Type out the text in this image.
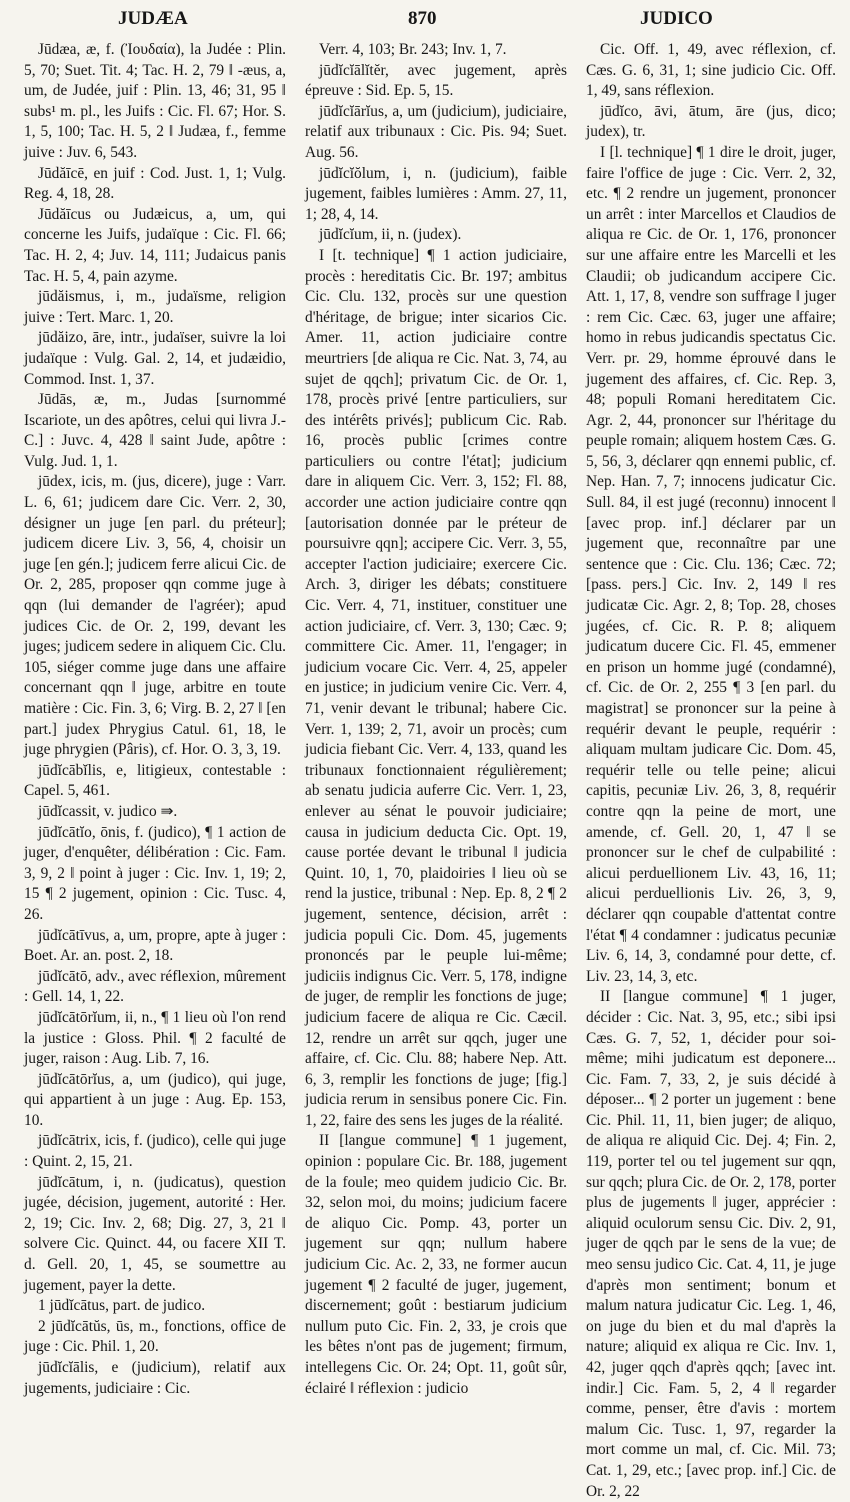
JUDÆA	870	JUDICO

Jūdæa, æ, f. (Ἰουδαία), la Judée : Plin. 5, 70; Suet. Tit. 4; Tac. H. 2, 79 ‖ -æus, a, um, de Judée, juif : Plin. 13, 46; 31, 95 ‖ subs¹ m. pl., les Juifs : Cic. Fl. 67; Hor. S. 1, 5, 100; Tac. H. 5, 2 ‖ Judæa, f., femme juive : Juv. 6, 543.

Jūdăīcē, en juif : Cod. Just. 1, 1; Vulg. Reg. 4, 18, 28.

Jūdăīcus ou Judæicus, a, um, qui concerne les Juifs, judaïque : Cic. Fl. 66; Tac. H. 2, 4; Juv. 14, 111; Judaicus panis Tac. H. 5, 4, pain azyme.

jūdăismus, i, m., judaïsme, religion juive : Tert. Marc. 1, 20.

jūdăizo, āre, intr., judaïser, suivre la loi judaïque : Vulg. Gal. 2, 14, et judæidio, Commod. Inst. 1, 37.

Jūdās, æ, m., Judas [surnommé Iscariote, un des apôtres, celui qui livra J.-C.] : Juvc. 4, 428 ‖ saint Jude, apôtre : Vulg. Jud. 1, 1.

jūdex, icis, m. (jus, dicere), juge : Varr. L. 6, 61; judicem dare Cic. Verr. 2, 30, désigner un juge [en parl. du préteur]; judicem dicere Liv. 3, 56, 4, choisir un juge [en gén.]; judicem ferre alicui Cic. de Or. 2, 285, proposer qqn comme juge à qqn (lui demander de l'agréer); apud judices Cic. de Or. 2, 199, devant les juges; judicem sedere in aliquem Cic. Clu. 105, siéger comme juge dans une affaire concernant qqn ‖ juge, arbitre en toute matière : Cic. Fin. 3, 6; Virg. B. 2, 27 ‖ [en part.] judex Phrygius Catul. 61, 18, le juge phrygien (Pâris), cf. Hor. O. 3, 3, 19.

jūdĭcābĭlis, e, litigieux, contestable : Capel. 5, 461.

jūdĭcassit, v. judico ⇛.

jūdĭcātĭo, ōnis, f. (judico), ¶ 1 action de juger, d'enquêter, délibération : Cic. Fam. 3, 9, 2 ‖ point à juger : Cic. Inv. 1, 19; 2, 15 ¶ 2 jugement, opinion : Cic. Tusc. 4, 26.

jūdĭcātīvus, a, um, propre, apte à juger : Boet. Ar. an. post. 2, 18.

jūdĭcātō, adv., avec réflexion, mûrement : Gell. 14, 1, 22.

jūdĭcātōrĭum, ii, n., ¶ 1 lieu où l'on rend la justice : Gloss. Phil. ¶ 2 faculté de juger, raison : Aug. Lib. 7, 16.

jūdĭcātōrĭus, a, um (judico), qui juge, qui appartient à un juge : Aug. Ep. 153, 10.

jūdĭcātrix, icis, f. (judico), celle qui juge : Quint. 2, 15, 21.

jūdĭcātum, i, n. (judicatus), question jugée, décision, jugement, autorité : Her. 2, 19; Cic. Inv. 2, 68; Dig. 27, 3, 21 ‖ solvere Cic. Quinct. 44, ou facere XII T. d. Gell. 20, 1, 45, se soumettre au jugement, payer la dette.

1 jūdĭcātus, part. de judico.

2 jūdĭcātŭs, ūs, m., fonctions, office de juge : Cic. Phil. 1, 20.

jūdĭcĭālis, e (judicium), relatif aux jugements, judiciaire : Cic.

Verr. 4, 103; Br. 243; Inv. 1, 7.

jūdĭcĭālĭtĕr, avec jugement, après épreuve : Sid. Ep. 5, 15.

jūdĭcĭārĭus, a, um (judicium), judiciaire, relatif aux tribunaux : Cic. Pis. 94; Suet. Aug. 56.

jūdĭcĭŏlum, i, n. (judicium), faible jugement, faibles lumières : Amm. 27, 11, 1; 28, 4, 14.

jūdĭcĭum, ii, n. (judex).

I [t. technique] ¶ 1 action judiciaire, procès : hereditatis Cic. Br. 197; ambitus Cic. Clu. 132, procès sur une question d'héritage, de brigue; inter sicarios Cic. Amer. 11, action judiciaire contre meurtriers [de aliqua re Cic. Nat. 3, 74, au sujet de qqch]; privatum Cic. de Or. 1, 178, procès privé [entre particuliers, sur des intérêts privés]; publicum Cic. Rab. 16, procès public [crimes contre particuliers ou contre l'état]; judicium dare in aliquem Cic. Verr. 3, 152; Fl. 88, accorder une action judiciaire contre qqn [autorisation donnée par le préteur de poursuivre qqn]; accipere Cic. Verr. 3, 55, accepter l'action judiciaire; exercere Cic. Arch. 3, diriger les débats; constituere Cic. Verr. 4, 71, instituer, constituer une action judiciaire, cf. Verr. 3, 130; Cæc. 9; committere Cic. Amer. 11, l'engager; in judicium vocare Cic. Verr. 4, 25, appeler en justice; in judicium venire Cic. Verr. 4, 71, venir devant le tribunal; habere Cic. Verr. 1, 139; 2, 71, avoir un procès; cum judicia fiebant Cic. Verr. 4, 133, quand les tribunaux fonctionnaient régulièrement; ab senatu judicia auferre Cic. Verr. 1, 23, enlever au sénat le pouvoir judiciaire; causa in judicium deducta Cic. Opt. 19, cause portée devant le tribunal ‖ judicia Quint. 10, 1, 70, plaidoiries ‖ lieu où se rend la justice, tribunal : Nep. Ep. 8, 2 ¶ 2 jugement, sentence, décision, arrêt : judicia populi Cic. Dom. 45, jugements prononcés par le peuple lui-même; judiciis indignus Cic. Verr. 5, 178, indigne de juger, de remplir les fonctions de juge; judicium facere de aliqua re Cic. Cæcil. 12, rendre un arrêt sur qqch, juger une affaire, cf. Cic. Clu. 88; habere Nep. Att. 6, 3, remplir les fonctions de juge; [fig.] judicia rerum in sensibus ponere Cic. Fin. 1, 22, faire des sens les juges de la réalité.

II [langue commune] ¶ 1 jugement, opinion : populare Cic. Br. 188, jugement de la foule; meo quidem judicio Cic. Br. 32, selon moi, du moins; judicium facere de aliquo Cic. Pomp. 43, porter un jugement sur qqn; nullum habere judicium Cic. Ac. 2, 33, ne former aucun jugement ¶ 2 faculté de juger, jugement, discernement; goût : bestiarum judicium nullum puto Cic. Fin. 2, 33, je crois que les bêtes n'ont pas de jugement; firmum, intellegens Cic. Or. 24; Opt. 11, goût sûr, éclairé ‖ réflexion : judicio

Cic. Off. 1, 49, avec réflexion, cf. Cæs. G. 6, 31, 1; sine judicio Cic. Off. 1, 49, sans réflexion.

jūdĭco, āvi, ātum, āre (jus, dico; judex), tr.

I [l. technique] ¶ 1 dire le droit, juger, faire l'office de juge : Cic. Verr. 2, 32, etc. ¶ 2 rendre un jugement, prononcer un arrêt : inter Marcellos et Claudios de aliqua re Cic. de Or. 1, 176, prononcer sur une affaire entre les Marcelli et les Claudii; ob judicandum accipere Cic. Att. 1, 17, 8, vendre son suffrage ‖ juger : rem Cic. Cæc. 63, juger une affaire; homo in rebus judicandis spectatus Cic. Verr. pr. 29, homme éprouvé dans le jugement des affaires, cf. Cic. Rep. 3, 48; populi Romani hereditatem Cic. Agr. 2, 44, prononcer sur l'héritage du peuple romain; aliquem hostem Cæs. G. 5, 56, 3, déclarer qqn ennemi public, cf. Nep. Han. 7, 7; innocens judicatur Cic. Sull. 84, il est jugé (reconnu) innocent ‖ [avec prop. inf.] déclarer par un jugement que, reconnaître par une sentence que : Cic. Clu. 136; Cæc. 72; [pass. pers.] Cic. Inv. 2, 149 ‖ res judicatæ Cic. Agr. 2, 8; Top. 28, choses jugées, cf. Cic. R. P. 8; aliquem judicatum ducere Cic. Fl. 45, emmener en prison un homme jugé (condamné), cf. Cic. de Or. 2, 255 ¶ 3 [en parl. du magistrat] se prononcer sur la peine à requérir devant le peuple, requérir : aliquam multam judicare Cic. Dom. 45, requérir telle ou telle peine; alicui capitis, pecuniæ Liv. 26, 3, 8, requérir contre qqn la peine de mort, une amende, cf. Gell. 20, 1, 47 ‖ se prononcer sur le chef de culpabilité : alicui perduellionem Liv. 43, 16, 11; alicui perduellionis Liv. 26, 3, 9, déclarer qqn coupable d'attentat contre l'état ¶ 4 condamner : judicatus pecuniæ Liv. 6, 14, 3, condamné pour dette, cf. Liv. 23, 14, 3, etc.

II [langue commune] ¶ 1 juger, décider : Cic. Nat. 3, 95, etc.; sibi ipsi Cæs. G. 7, 52, 1, décider pour soi-même; mihi judicatum est deponere... Cic. Fam. 7, 33, 2, je suis décidé à déposer... ¶ 2 porter un jugement : bene Cic. Phil. 11, 11, bien juger; de aliquo, de aliqua re aliquid Cic. Dej. 4; Fin. 2, 119, porter tel ou tel jugement sur qqn, sur qqch; plura Cic. de Or. 2, 178, porter plus de jugements ‖ juger, apprécier : aliquid oculorum sensu Cic. Div. 2, 91, juger de qqch par le sens de la vue; de meo sensu judico Cic. Cat. 4, 11, je juge d'après mon sentiment; bonum et malum natura judicatur Cic. Leg. 1, 46, on juge du bien et du mal d'après la nature; aliquid ex aliqua re Cic. Inv. 1, 42, juger qqch d'après qqch; [avec int. indir.] Cic. Fam. 5, 2, 4 ‖ regarder comme, penser, être d'avis : mortem malum Cic. Tusc. 1, 97, regarder la mort comme un mal, cf. Cic. Mil. 73; Cat. 1, 29, etc.; [avec prop. inf.] Cic. de Or. 2, 22
